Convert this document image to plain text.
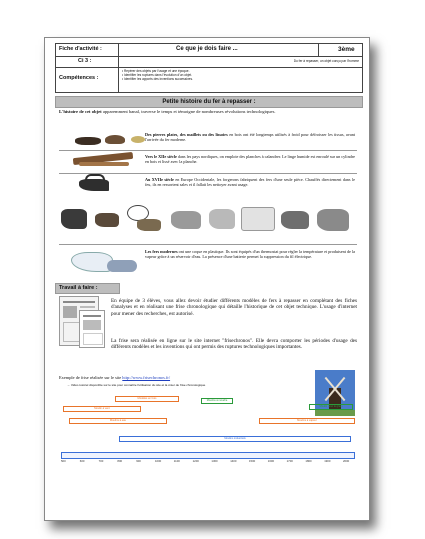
Fiche d'activité :	Ce que je dois faire ...	3ème
Ci 3 :	Du fer à repasser, un objet conçu par l'homme
Compétences :
• Repérer des objets par l'usage et une époque.
• Identifier les ruptures dans l'évolution d'un objet.
• Identifier les apports des inventions successives.
Petite histoire du fer à repasser :
L'histoire de cet objet apparemment banal, traverse le temps et témoigne de nombreuses révolutions technologiques.
Des pierres plates, des maillets ou des lissoirs en bois ont été longtemps utilisés à froid pour défroisser les tissus, avant l'arrivée du fer moderne.
Vers le XIIe siècle dans les pays nordiques, on emploie des planches à calandrer. Le linge humide est enroulé sur un cylindre en bois et lissé avec la planche.
Au XVIIe siècle en Europe Occidentale, les forgerons fabriquent des fers d'une seule pièce. Chauffés directement dans le feu, ils en ressortent sales et il fallait les nettoyer avant usage.
Les fers modernes ont une coque en plastique. Ils sont équipés d'un thermostat pour régler la température et produisent de la vapeur grâce à un réservoir d'eau. La présence d'une batterie permet la suppression du fil électrique.
Travail à faire :
En équipe de 3 élèves, vous allez devoir étudier différents modèles de fers à repasser en complétant des fiches d'analyses et en réalisant une frise chronologique qui détaille l'historique de cet objet technique. L'usage d'internet pour mener des recherches, est autorisé.
La frise sera réalisée en ligne sur le site internet "frisechronos". Elle devra comporter les périodes d'usage des différents modèles et les inventions qui ont permis des ruptures technologiques importantes.
Exemple de frise réalisée sur le site http://www.frisechronos.fr/
→ Vidéo tutoriel disponible sur le site pour connaître l'utilisation du site et la créer de frise chronologique
Modèles en bois
Moulin à vent
Moulins à eau
Moulins à moudre
Moulins à vapeur
Moulin pour le grain
Moulins industriels
500	600	700	800	900	1000	1100	1200	1300	1400	1500	1600	1700	1800	1900	2000
